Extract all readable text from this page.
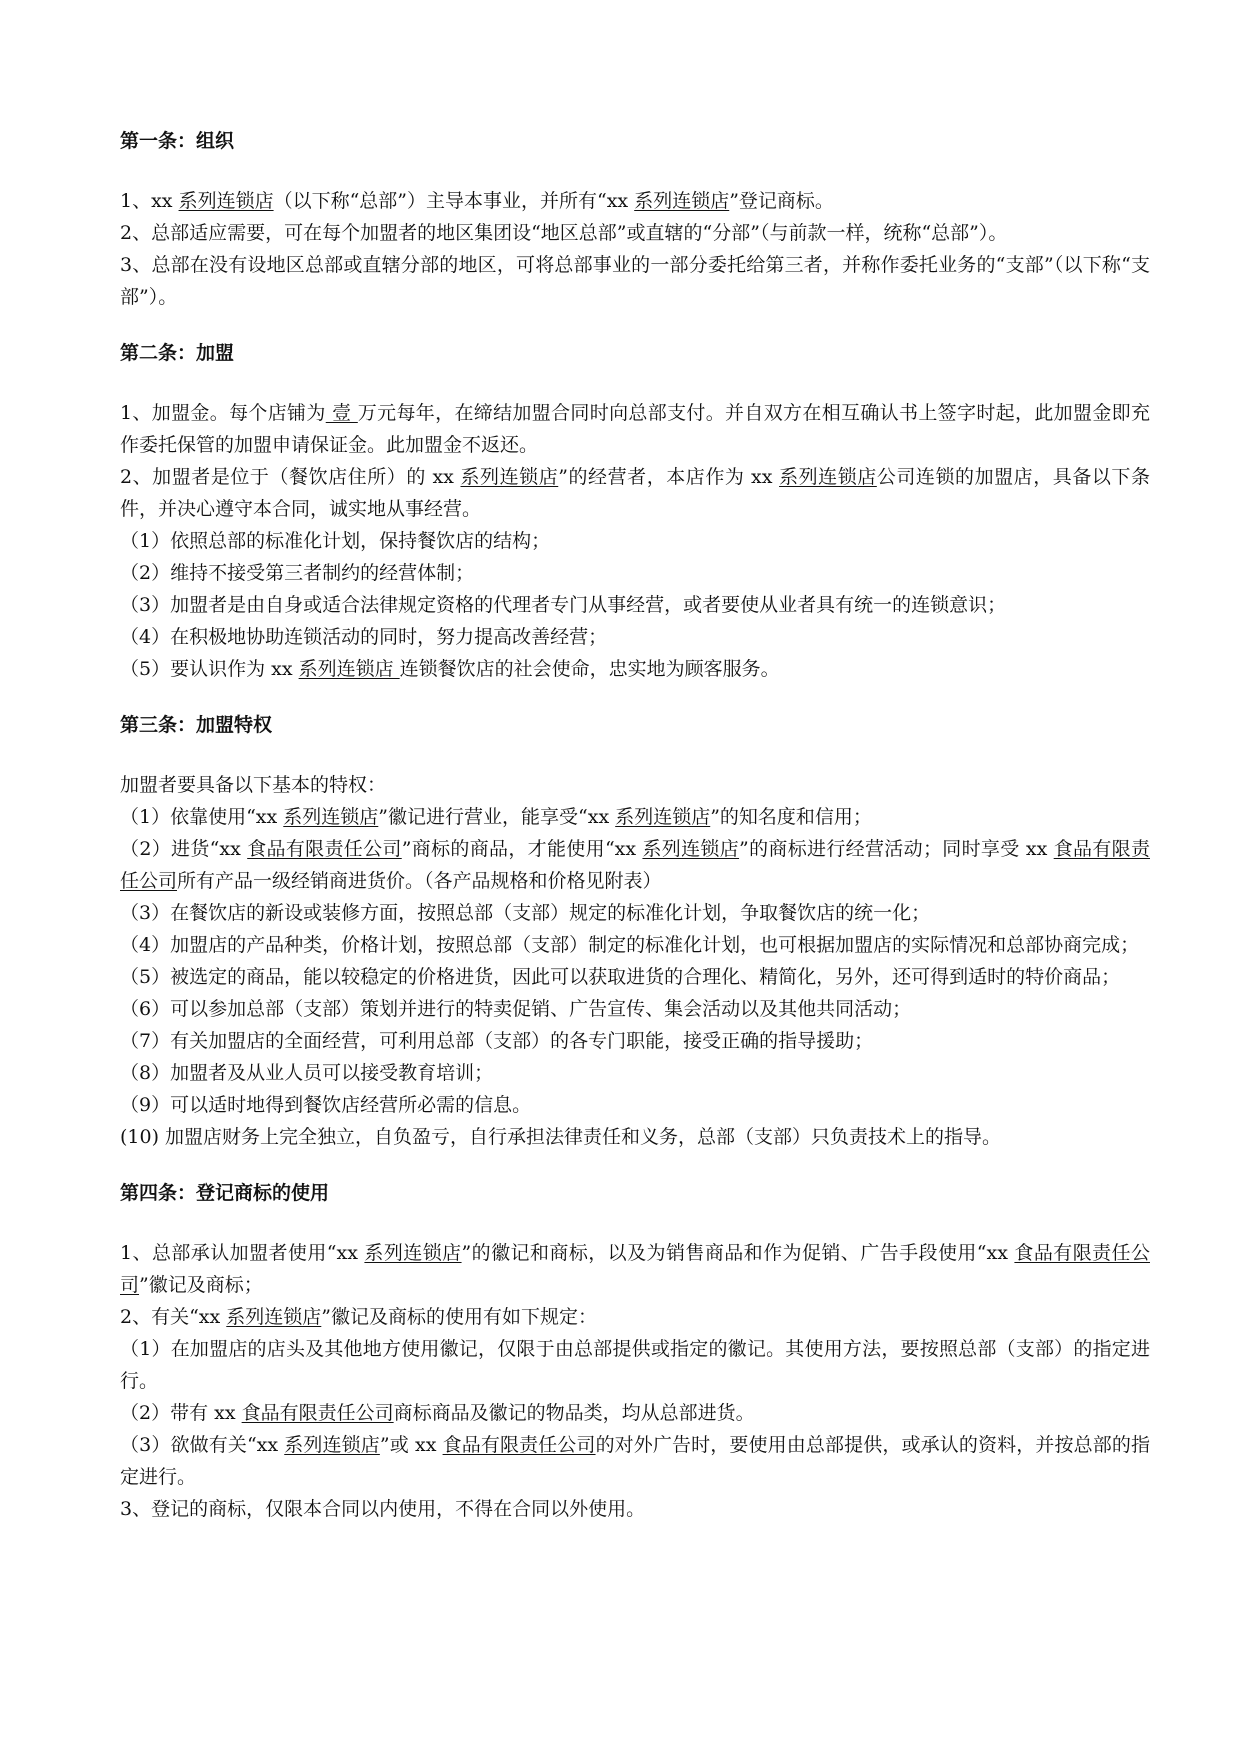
第一条：组织

1、xx 系列连锁店（以下称“总部”）主导本事业，并所有“xx 系列连锁店”登记商标。

2、总部适应需要，可在每个加盟者的地区集团设“地区总部”或直辖的“分部”（与前款一样，统称“总部”）。

3、总部在没有设地区总部或直辖分部的地区，可将总部事业的一部分委托给第三者，并称作委托业务的“支部”（以下称“支部”）。

第二条：加盟

1、加盟金。每个店铺为 壹 万元每年，在缔结加盟合同时向总部支付。并自双方在相互确认书上签字时起，此加盟金即充作委托保管的加盟申请保证金。此加盟金不返还。

2、加盟者是位于（餐饮店住所）的 xx 系列连锁店”的经营者，本店作为 xx 系列连锁店公司连锁的加盟店，具备以下条件，并决心遵守本合同，诚实地从事经营。

（1）依照总部的标准化计划，保持餐饮店的结构；

（2）维持不接受第三者制约的经营体制；

（3）加盟者是由自身或适合法律规定资格的代理者专门从事经营，或者要使从业者具有统一的连锁意识；

（4）在积极地协助连锁活动的同时，努力提高改善经营；

（5）要认识作为 xx 系列连锁店 连锁餐饮店的社会使命，忠实地为顾客服务。

第三条：加盟特权

加盟者要具备以下基本的特权：

（1）依靠使用“xx 系列连锁店”徽记进行营业，能享受“xx 系列连锁店”的知名度和信用；

（2）进货“xx 食品有限责任公司”商标的商品，才能使用“xx 系列连锁店”的商标进行经营活动；同时享受 xx 食品有限责任公司所有产品一级经销商进货价。（各产品规格和价格见附表）

（3）在餐饮店的新设或装修方面，按照总部（支部）规定的标准化计划，争取餐饮店的统一化；

（4）加盟店的产品种类，价格计划，按照总部（支部）制定的标准化计划，也可根据加盟店的实际情况和总部协商完成；

（5）被选定的商品，能以较稳定的价格进货，因此可以获取进货的合理化、精简化，另外，还可得到适时的特价商品；

（6）可以参加总部（支部）策划并进行的特卖促销、广告宣传、集会活动以及其他共同活动；

（7）有关加盟店的全面经营，可利用总部（支部）的各专门职能，接受正确的指导援助；

（8）加盟者及从业人员可以接受教育培训；

（9）可以适时地得到餐饮店经营所必需的信息。

(10) 加盟店财务上完全独立，自负盈亏，自行承担法律责任和义务，总部（支部）只负责技术上的指导。

第四条：登记商标的使用

1、总部承认加盟者使用“xx 系列连锁店”的徽记和商标，以及为销售商品和作为促销、广告手段使用“xx 食品有限责任公司”徽记及商标；

2、有关“xx 系列连锁店”徽记及商标的使用有如下规定：

（1）在加盟店的店头及其他地方使用徽记，仅限于由总部提供或指定的徽记。其使用方法，要按照总部（支部）的指定进行。

（2）带有 xx 食品有限责任公司商标商品及徽记的物品类，均从总部进货。

（3）欲做有关“xx 系列连锁店”或 xx 食品有限责任公司的对外广告时，要使用由总部提供，或承认的资料，并按总部的指定进行。

3、登记的商标，仅限本合同以内使用，不得在合同以外使用。
